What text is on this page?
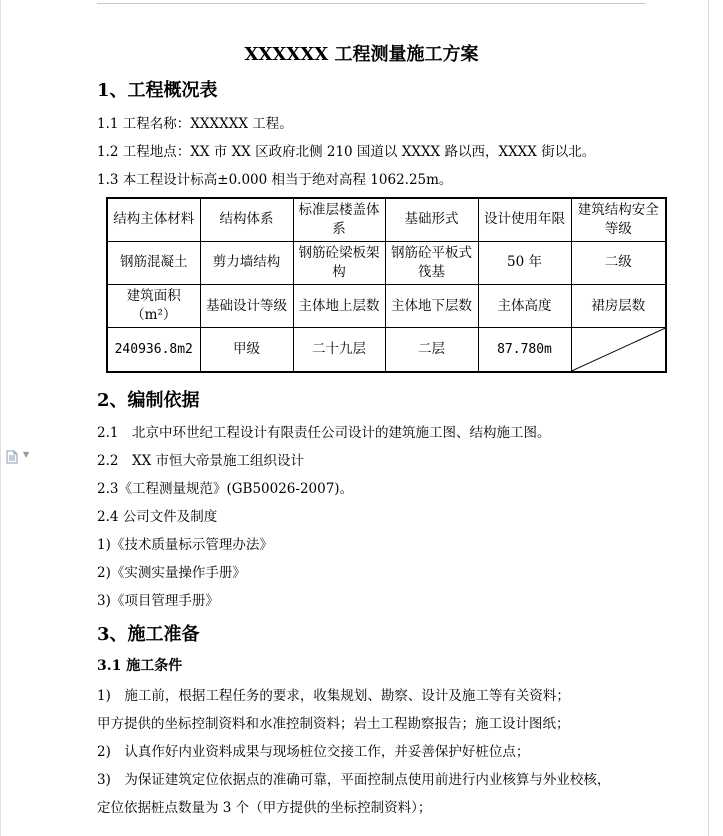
▼
XXXXXX 工程测量施工方案
1、工程概况表
1.1 工程名称：XXXXXX 工程。
1.2 工程地点：XX 市 XX 区政府北侧 210 国道以 XXXX 路以西，XXXX 街以北。
1.3 本工程设计标高±0.000 相当于绝对高程 1062.25m。
结构主体材料	结构体系	标准层楼盖体系	基础形式	设计使用年限	建筑结构安全等级
钢筋混凝土	剪力墙结构	钢筋砼梁板架构	钢筋砼平板式筏基	50 年	二级
建筑面积（m²）	基础设计等级	主体地上层数	主体地下层数	主体高度	裙房层数
240936.8m2	甲级	二十九层	二层	87.780m	
2、编制依据
2.1　北京中环世纪工程设计有限责任公司设计的建筑施工图、结构施工图。
2.2　XX 市恒大帝景施工组织设计
2.3《工程测量规范》(GB50026-2007)。
2.4 公司文件及制度
1)《技术质量标示管理办法》
2)《实测实量操作手册》
3)《项目管理手册》
3、施工准备
3.1 施工条件
1)　施工前，根据工程任务的要求，收集规划、勘察、设计及施工等有关资料；
甲方提供的坐标控制资料和水准控制资料；岩土工程勘察报告；施工设计图纸；
2)　认真作好内业资料成果与现场桩位交接工作，并妥善保护好桩位点；
3)　为保证建筑定位依据点的准确可靠，平面控制点使用前进行内业核算与外业校核，
定位依据桩点数量为 3 个（甲方提供的坐标控制资料）；
